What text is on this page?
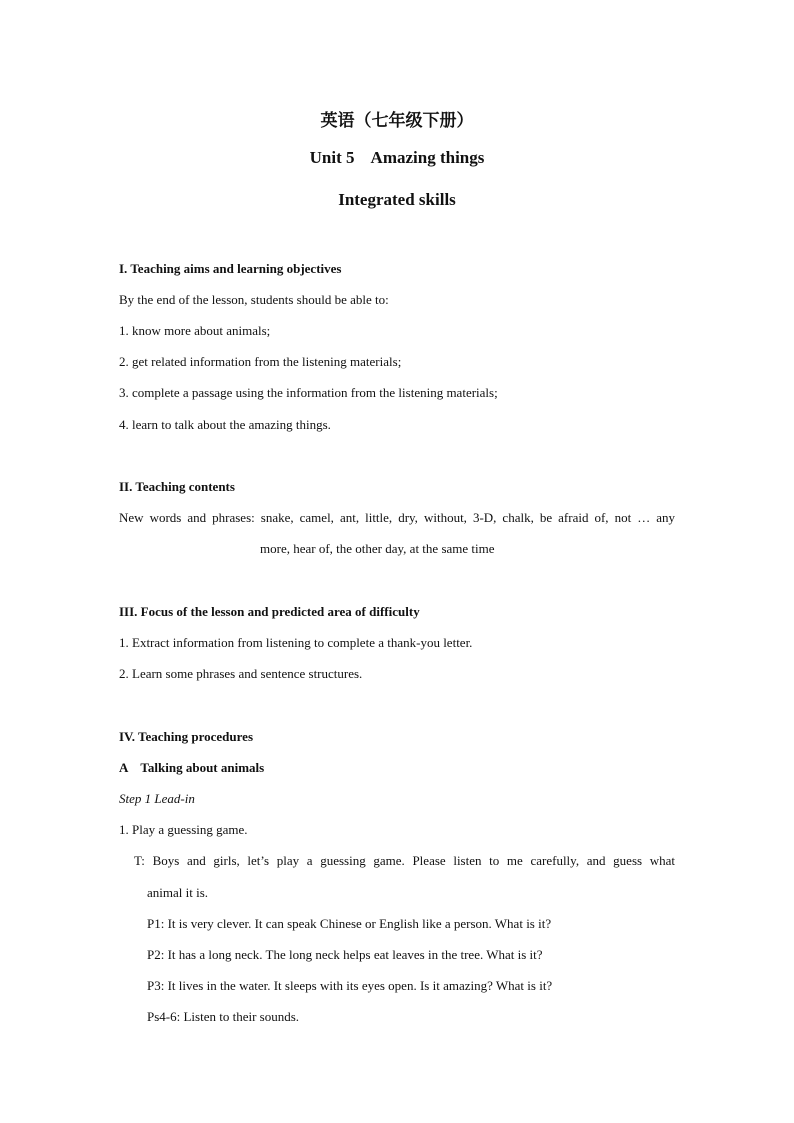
英语（七年级下册）
Unit 5    Amazing things
Integrated skills
I. Teaching aims and learning objectives
By the end of the lesson, students should be able to:
1. know more about animals;
2. get related information from the listening materials;
3. complete a passage using the information from the listening materials;
4. learn to talk about the amazing things.
II. Teaching contents
New words and phrases: snake, camel, ant, little, dry, without, 3-D, chalk, be afraid of, not … any
more, hear of, the other day, at the same time
III. Focus of the lesson and predicted area of difficulty
1. Extract information from listening to complete a thank-you letter.
2. Learn some phrases and sentence structures.
IV. Teaching procedures
A    Talking about animals
Step 1 Lead-in
1. Play a guessing game.
T: Boys and girls, let’s play a guessing game. Please listen to me carefully, and guess what
animal it is.
P1: It is very clever. It can speak Chinese or English like a person. What is it?
P2: It has a long neck. The long neck helps eat leaves in the tree. What is it?
P3: It lives in the water. It sleeps with its eyes open. Is it amazing? What is it?
Ps4-6: Listen to their sounds.
